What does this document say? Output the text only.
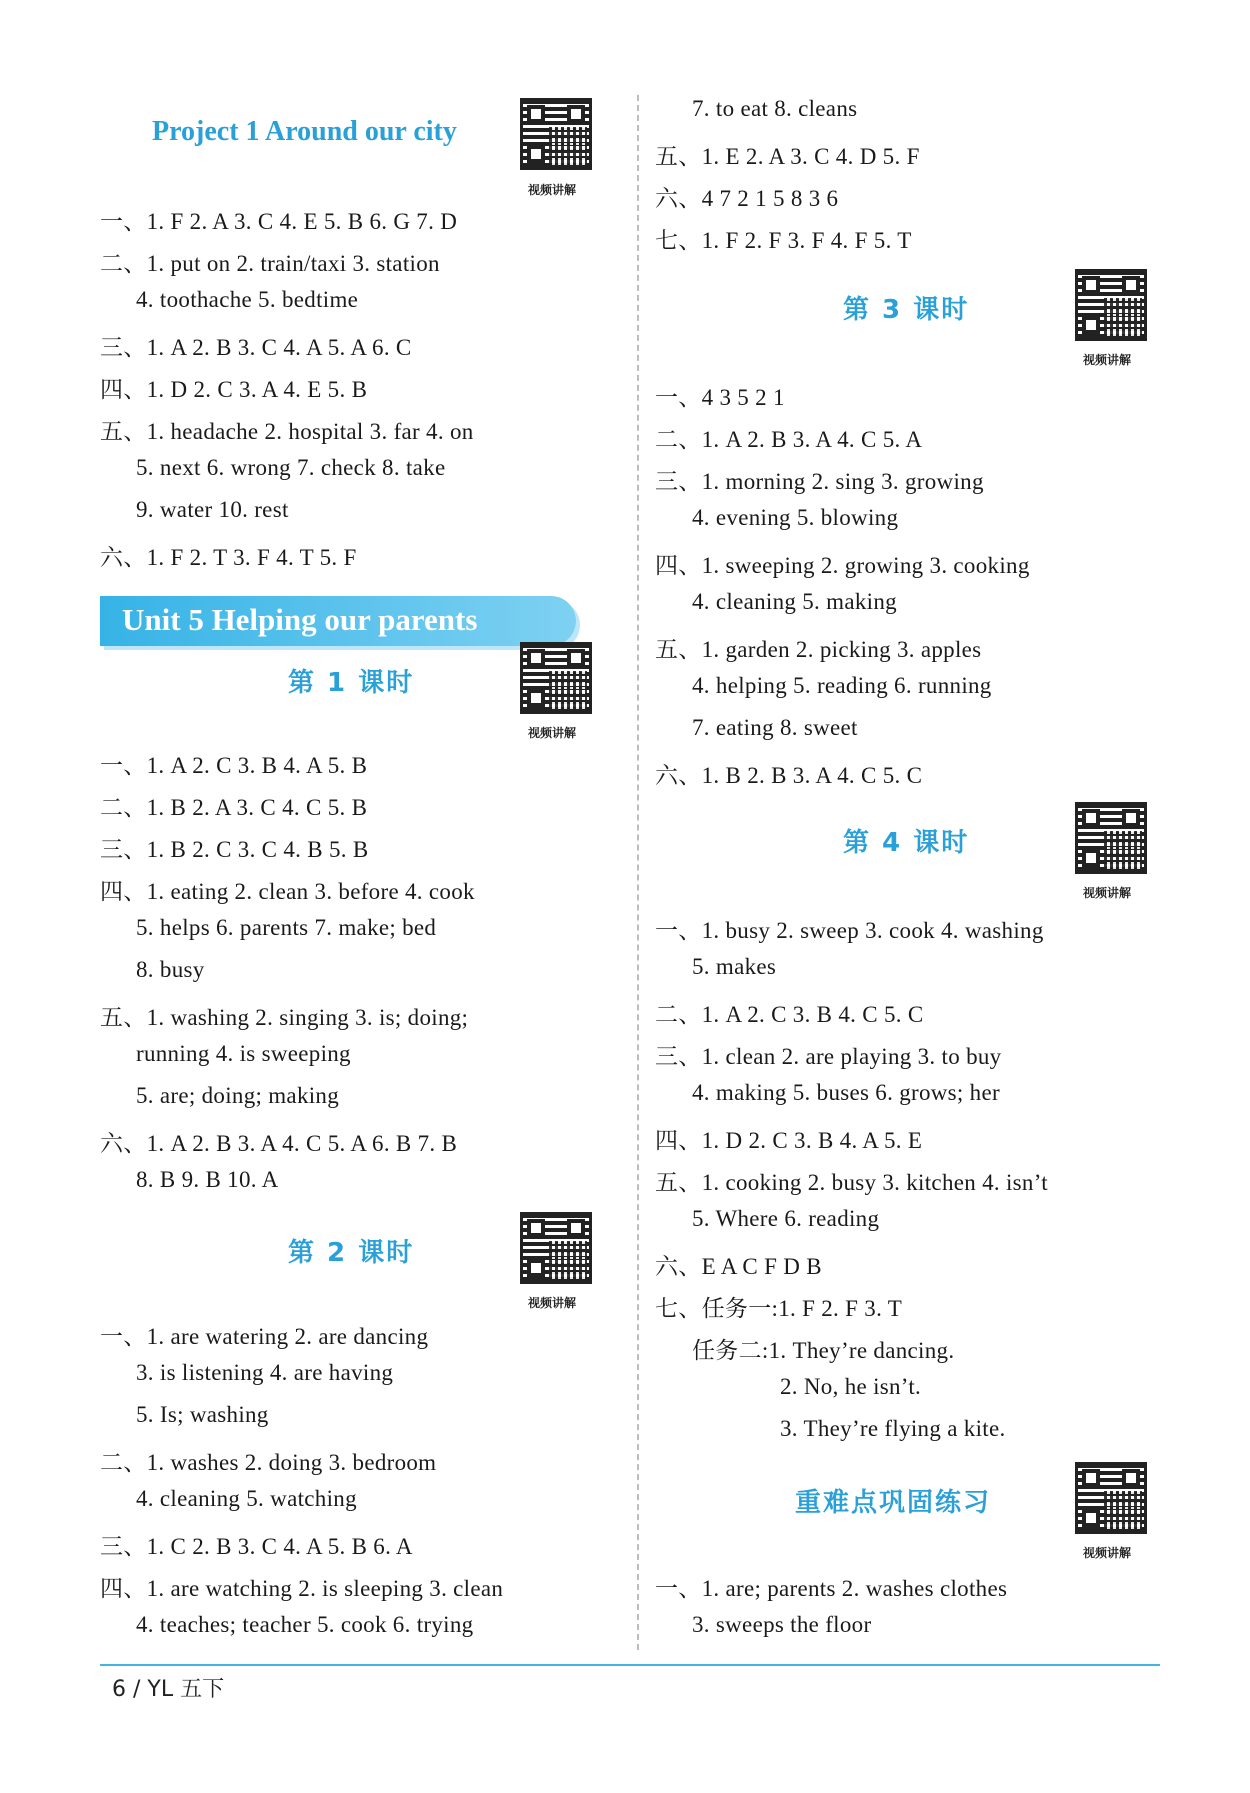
Project 1 Around our city
视频讲解
一、1. F 2. A 3. C 4. E 5. B 6. G 7. D
二、1. put on 2. train/taxi 3. station
4. toothache 5. bedtime
三、1. A 2. B 3. C 4. A 5. A 6. C
四、1. D 2. C 3. A 4. E 5. B
五、1. headache 2. hospital 3. far 4. on
5. next 6. wrong 7. check 8. take
9. water 10. rest
六、1. F 2. T 3. F 4. T 5. F
Unit 5 Helping our parents
第 1 课时
视频讲解
一、1. A 2. C 3. B 4. A 5. B
二、1. B 2. A 3. C 4. C 5. B
三、1. B 2. C 3. C 4. B 5. B
四、1. eating 2. clean 3. before 4. cook
5. helps 6. parents 7. make; bed
8. busy
五、1. washing 2. singing 3. is; doing;
running 4. is sweeping
5. are; doing; making
六、1. A 2. B 3. A 4. C 5. A 6. B 7. B
8. B 9. B 10. A
第 2 课时
视频讲解
一、1. are watering 2. are dancing
3. is listening 4. are having
5. Is; washing
二、1. washes 2. doing 3. bedroom
4. cleaning 5. watching
三、1. C 2. B 3. C 4. A 5. B 6. A
四、1. are watching 2. is sleeping 3. clean
4. teaches; teacher 5. cook 6. trying
7. to eat 8. cleans
五、1. E 2. A 3. C 4. D 5. F
六、4 7 2 1 5 8 3 6
七、1. F 2. F 3. F 4. F 5. T
第 3 课时
视频讲解
一、4 3 5 2 1
二、1. A 2. B 3. A 4. C 5. A
三、1. morning 2. sing 3. growing
4. evening 5. blowing
四、1. sweeping 2. growing 3. cooking
4. cleaning 5. making
五、1. garden 2. picking 3. apples
4. helping 5. reading 6. running
7. eating 8. sweet
六、1. B 2. B 3. A 4. C 5. C
第 4 课时
视频讲解
一、1. busy 2. sweep 3. cook 4. washing
5. makes
二、1. A 2. C 3. B 4. C 5. C
三、1. clean 2. are playing 3. to buy
4. making 5. buses 6. grows; her
四、1. D 2. C 3. B 4. A 5. E
五、1. cooking 2. busy 3. kitchen 4. isn’t
5. Where 6. reading
六、E A C F D B
七、任务一:1. F 2. F 3. T
任务二:1. They’re dancing.
2. No, he isn’t.
3. They’re flying a kite.
重难点巩固练习
视频讲解
一、1. are; parents 2. washes clothes
3. sweeps the floor
6 / YL 五下
